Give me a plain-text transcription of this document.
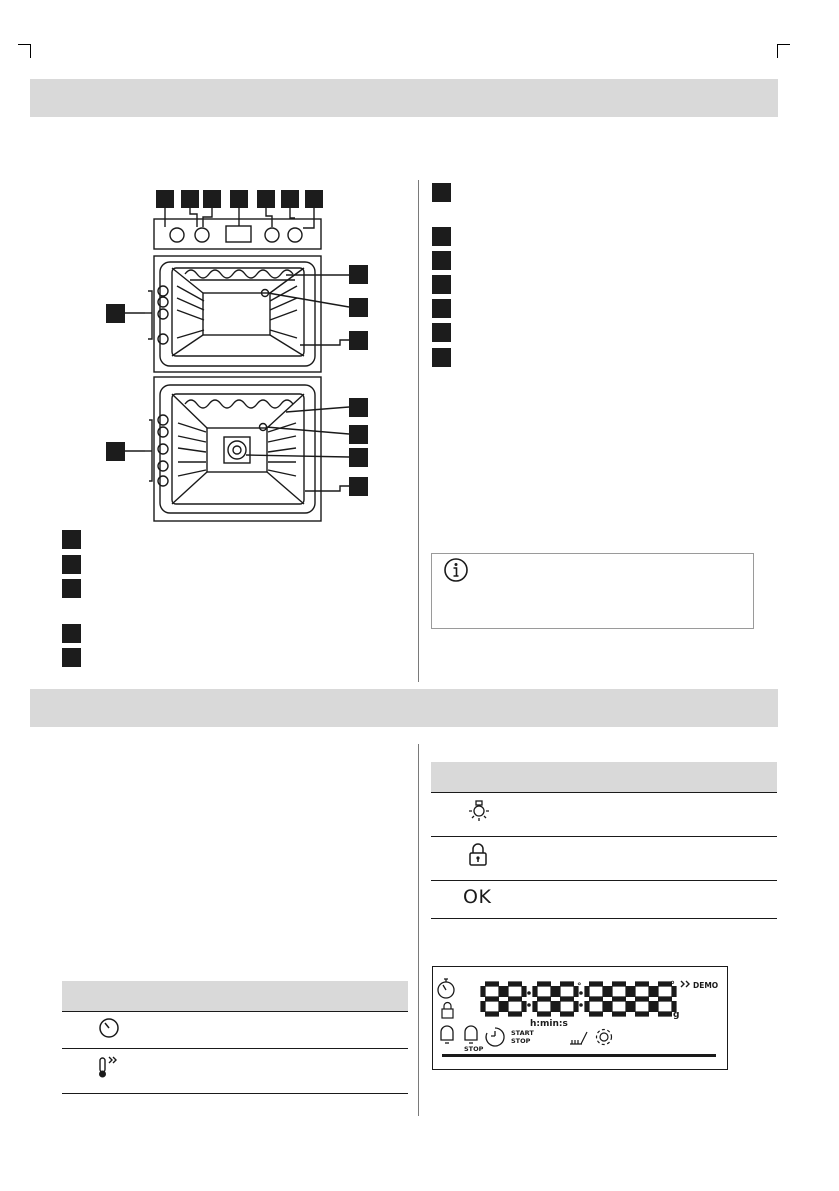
OK
°	° DEMO
g
h:min:s
STOP
START
STOP
